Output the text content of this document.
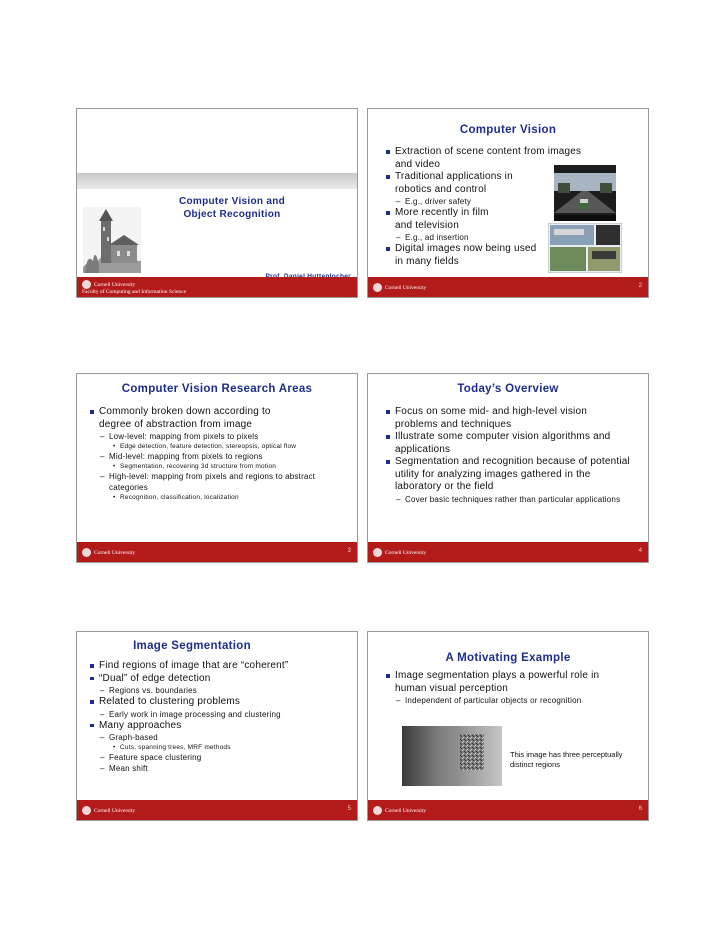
Computer Vision and
Object Recognition
Cornell University
Faculty of Computing and Information Science
Computer Vision
Extraction of scene content from images and video
Traditional applications in robotics and control
– E.g., driver safety
More recently in film and television
– E.g., ad insertion
Digital images now being used in many fields
Cornell University	2
Computer Vision Research Areas
Commonly broken down according to degree of abstraction from image
– Low-level: mapping from pixels to pixels
• Edge detection, feature detection, stereopsis, optical flow
– Mid-level: mapping from pixels to regions
• Segmentation, recovering 3d structure from motion
– High-level: mapping from pixels and regions to abstract categories
• Recognition, classification, localization
Cornell University	3
Today’s Overview
Focus on some mid- and high-level vision problems and techniques
Illustrate some computer vision algorithms and applications
Segmentation and recognition because of potential utility for analyzing images gathered in the laboratory or the field
– Cover basic techniques rather than particular applications
Cornell University	4
Image Segmentation
Find regions of image that are “coherent”
“Dual” of edge detection
– Regions vs. boundaries
Related to clustering problems
– Early work in image processing and clustering
Many approaches
– Graph-based
• Cuts, spanning trees, MRF methods
– Feature space clustering
– Mean shift
Cornell University	5
A Motivating Example
Image segmentation plays a powerful role in human visual perception
– Independent of particular objects or recognition
This image has three perceptually distinct regions
Cornell University	6
